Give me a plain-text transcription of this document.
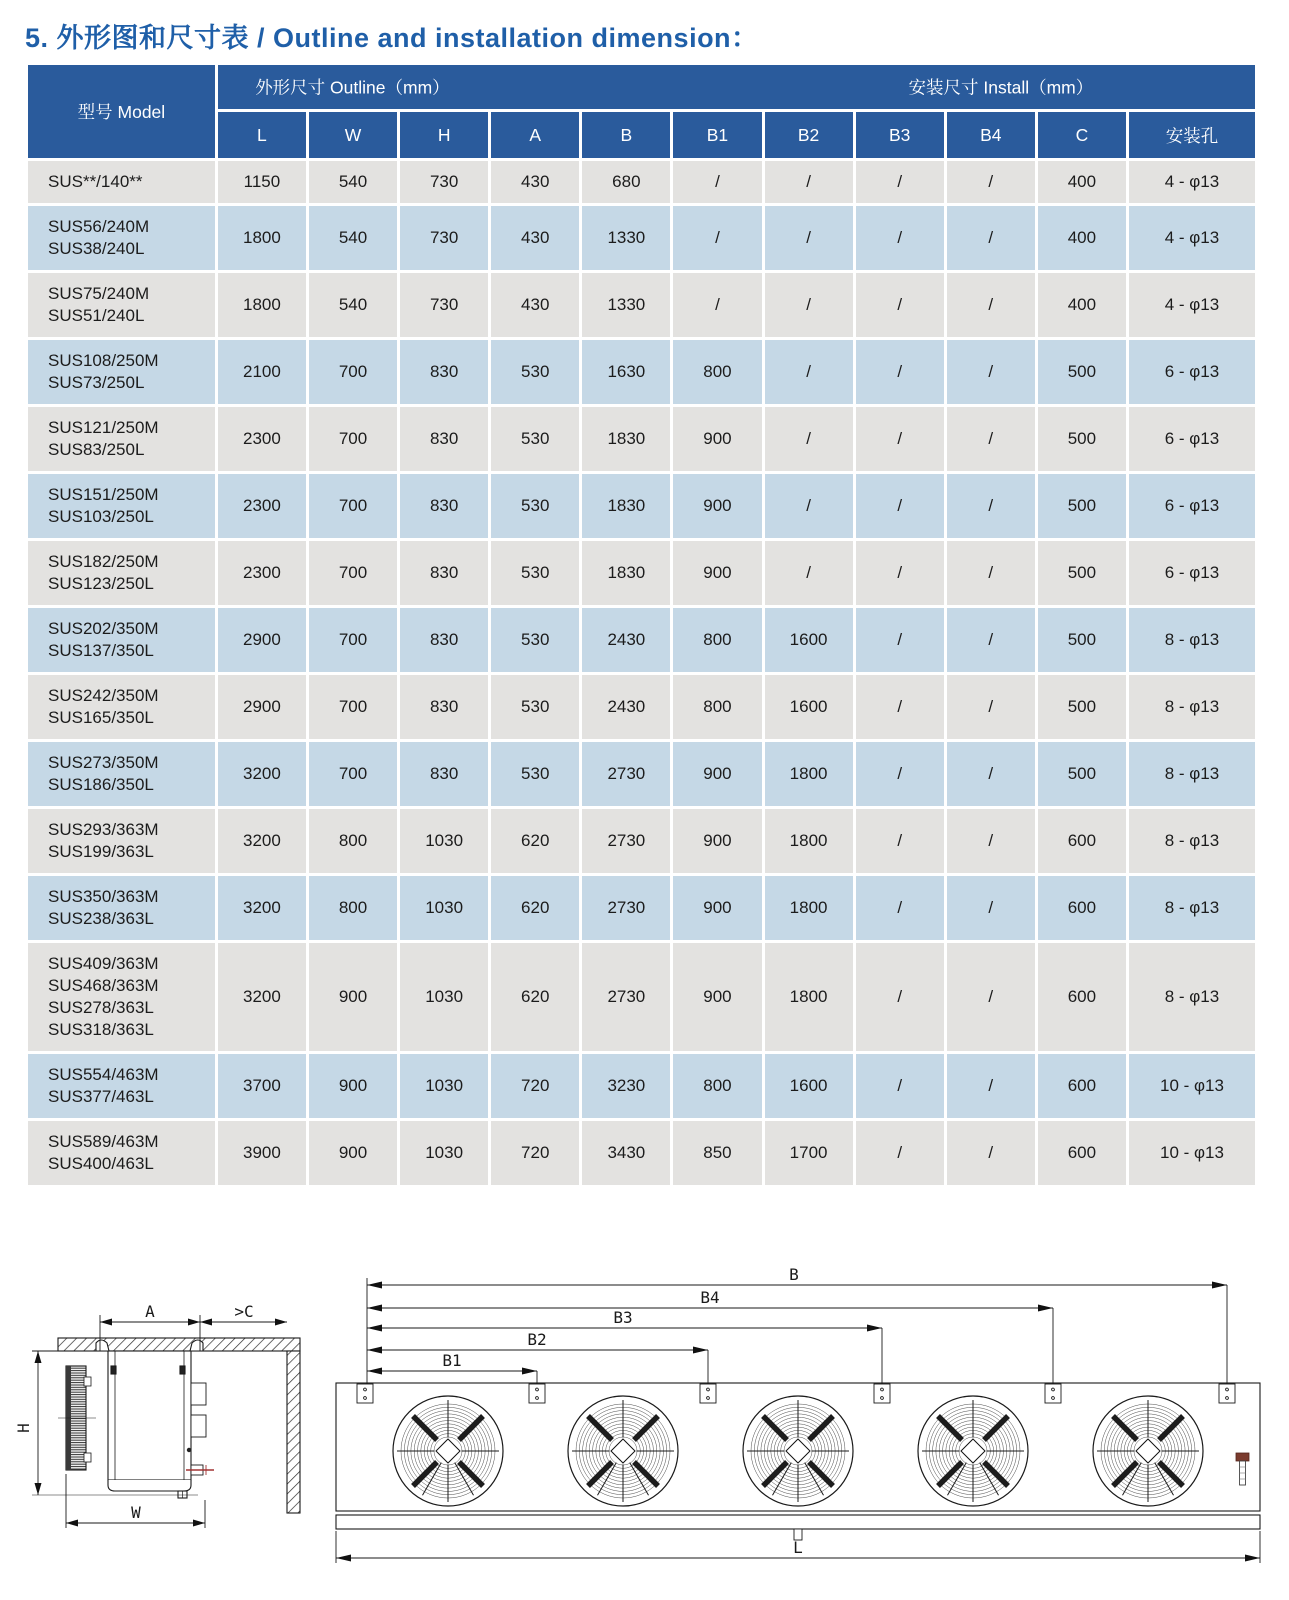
5. 外形图和尺寸表 / Outline and installation dimension：
型号 Model	外形尺寸 Outline（mm） 安装尺寸 Install（mm）										

	L	W	H	A	B	B1	B2	B3	B4	C	安装孔

SUS**/140**	1150	540	730	430	680	/	/	/	/	400	4 - φ13

SUS56/240M
SUS38/240L	1800	540	730	430	1330	/	/	/	/	400	4 - φ13

SUS75/240M
SUS51/240L	1800	540	730	430	1330	/	/	/	/	400	4 - φ13

SUS108/250M
SUS73/250L	2100	700	830	530	1630	800	/	/	/	500	6 - φ13

SUS121/250M
SUS83/250L	2300	700	830	530	1830	900	/	/	/	500	6 - φ13

SUS151/250M
SUS103/250L	2300	700	830	530	1830	900	/	/	/	500	6 - φ13

SUS182/250M
SUS123/250L	2300	700	830	530	1830	900	/	/	/	500	6 - φ13

SUS202/350M
SUS137/350L	2900	700	830	530	2430	800	1600	/	/	500	8 - φ13

SUS242/350M
SUS165/350L	2900	700	830	530	2430	800	1600	/	/	500	8 - φ13

SUS273/350M
SUS186/350L	3200	700	830	530	2730	900	1800	/	/	500	8 - φ13

SUS293/363M
SUS199/363L	3200	800	1030	620	2730	900	1800	/	/	600	8 - φ13

SUS350/363M
SUS238/363L	3200	800	1030	620	2730	900	1800	/	/	600	8 - φ13

SUS409/363M
SUS468/363M
SUS278/363L
SUS318/363L	3200	900	1030	620	2730	900	1800	/	/	600	8 - φ13

SUS554/463M
SUS377/463L	3700	900	1030	720	3230	800	1600	/	/	600	10 - φ13

SUS589/463M
SUS400/463L	3900	900	1030	720	3430	850	1700	/	/	600	10 - φ13
A	>C
H
W
B
B4
B3
B2
B1
L
